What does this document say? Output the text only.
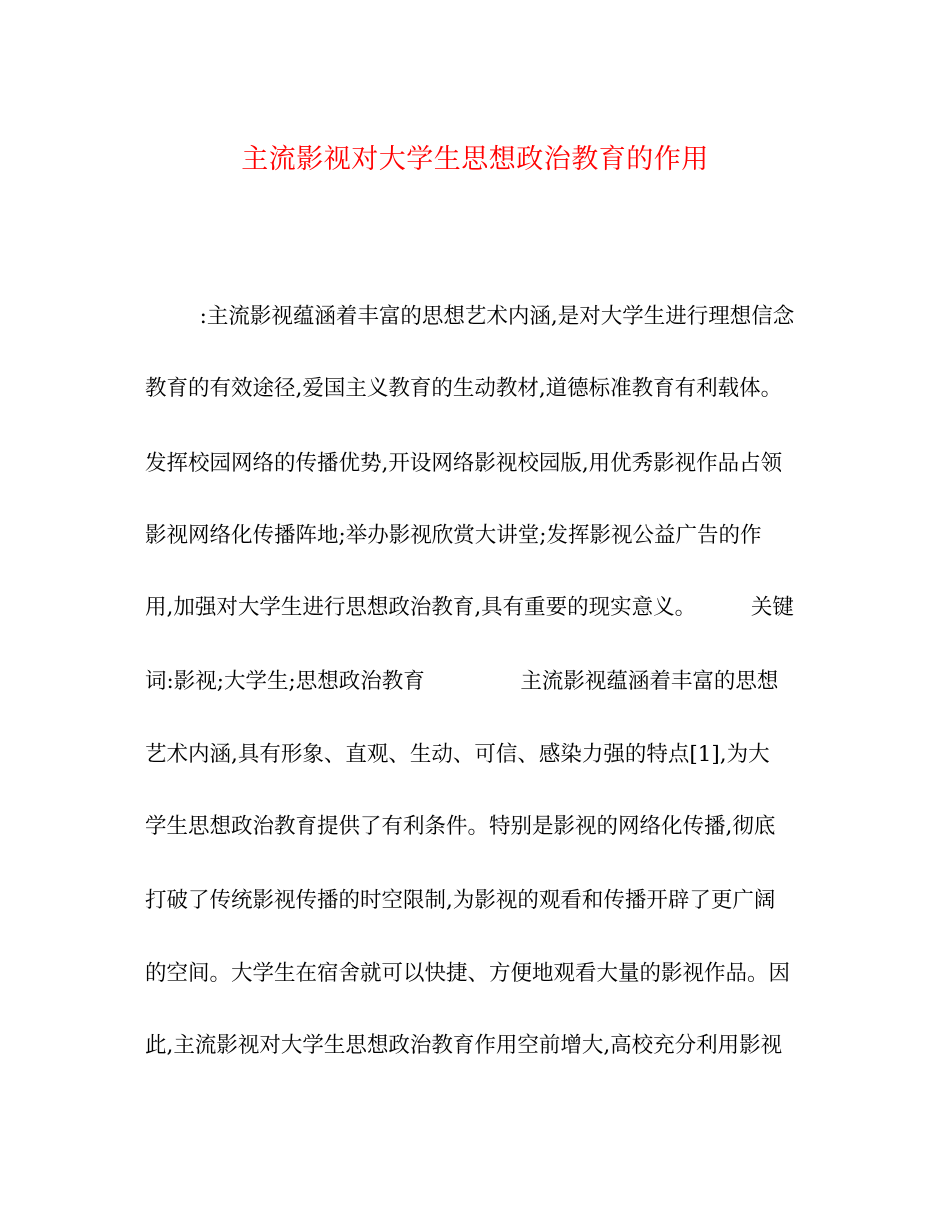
主流影视对大学生思想政治教育的作用
:主流影视蕴涵着丰富的思想艺术内涵,是对大学生进行理想信念
教育的有效途径,爱国主义教育的生动教材,道德标准教育有利载体。
发挥校园网络的传播优势,开设网络影视校园版,用优秀影视作品占领
影视网络化传播阵地;举办影视欣赏大讲堂;发挥影视公益广告的作
用,加强对大学生进行思想政治教育,具有重要的现实意义。        关键
词:影视;大学生;思想政治教育              主流影视蕴涵着丰富的思想
艺术内涵,具有形象、直观、生动、可信、感染力强的特点[1],为大
学生思想政治教育提供了有利条件。特别是影视的网络化传播,彻底
打破了传统影视传播的时空限制,为影视的观看和传播开辟了更广阔
的空间。大学生在宿舍就可以快捷、方便地观看大量的影视作品。因
此,主流影视对大学生思想政治教育作用空前增大,高校充分利用影视
